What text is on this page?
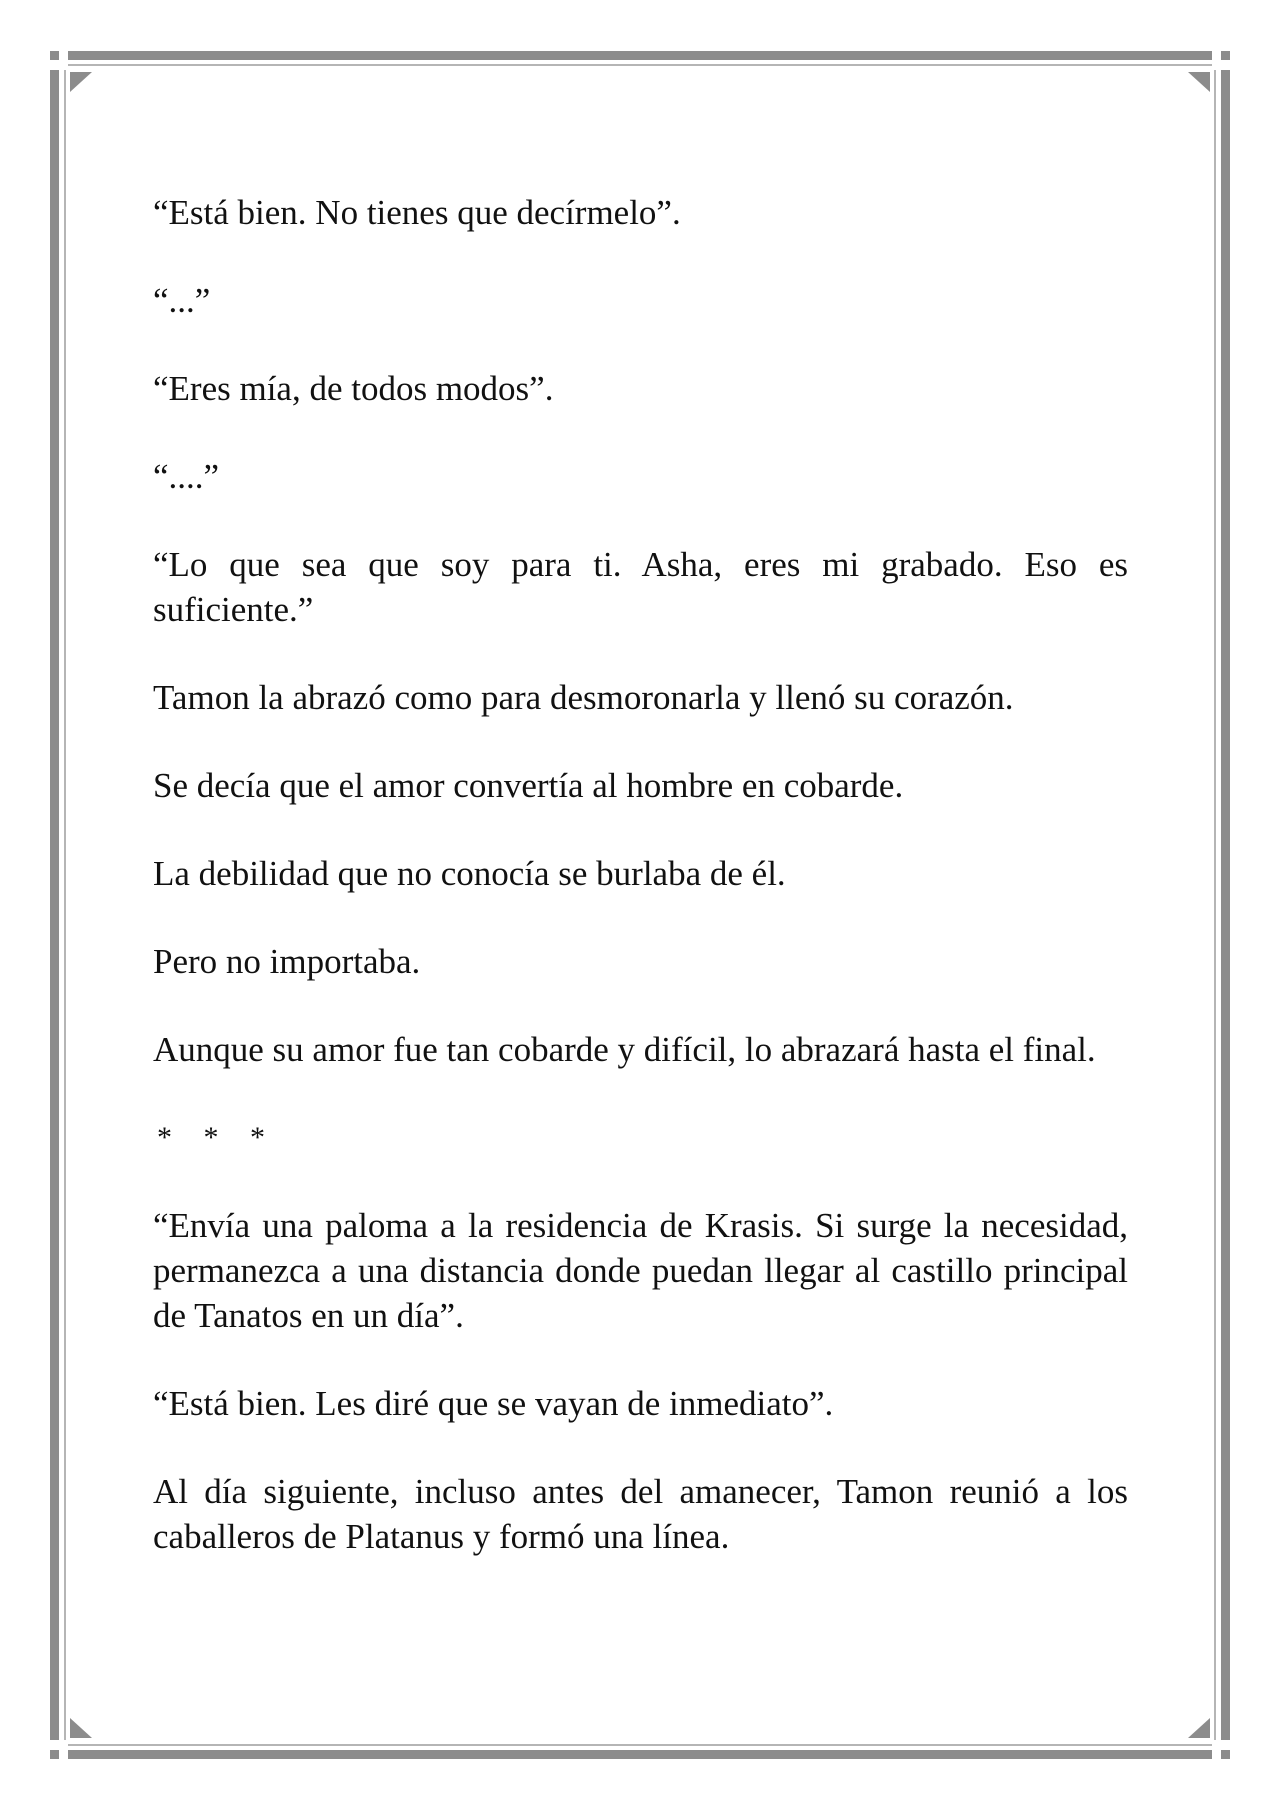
“Está bien. No tienes que decírmelo”.

“...”

“Eres mía, de todos modos”.

“....”

“Lo que sea que soy para ti. Asha, eres mi grabado. Eso es suficiente.”

Tamon la abrazó como para desmoronarla y llenó su corazón.

Se decía que el amor convertía al hombre en cobarde.

La debilidad que no conocía se burlaba de él.

Pero no importaba.

Aunque su amor fue tan cobarde y difícil, lo abrazará hasta el final.

* * *

“Envía una paloma a la residencia de Krasis. Si surge la necesidad, permanezca a una distancia donde puedan llegar al castillo principal de Tanatos en un día”.

“Está bien. Les diré que se vayan de inmediato”.

Al día siguiente, incluso antes del amanecer, Tamon reunió a los caballeros de Platanus y formó una línea.
